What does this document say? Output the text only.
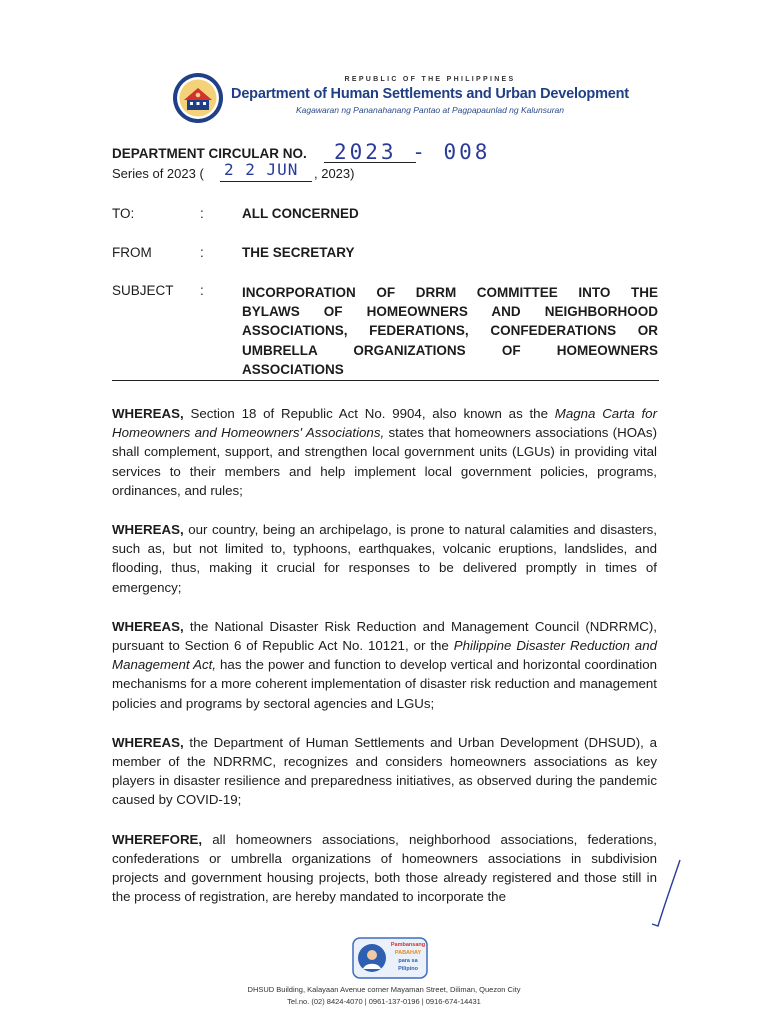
REPUBLIC OF THE PHILIPPINES
Department of Human Settlements and Urban Development
Kagawaran ng Pananahanang Pantao at Pagpapaunlad ng Kalunsuran
DEPARTMENT CIRCULAR NO. 2023 - 008
Series of 2023 ( 2 2 JUN , 2023)
TO:	:	ALL CONCERNED
FROM	:	THE SECRETARY
SUBJECT :	INCORPORATION OF DRRM COMMITTEE INTO THE
BYLAWS OF HOMEOWNERS AND NEIGHBORHOOD
ASSOCIATIONS, FEDERATIONS, CONFEDERATIONS OR
UMBRELLA ORGANIZATIONS OF HOMEOWNERS
ASSOCIATIONS

WHEREAS, Section 18 of Republic Act No. 9904, also known as the Magna Carta for Homeowners and Homeowners' Associations, states that homeowners associations (HOAs) shall complement, support, and strengthen local government units (LGUs) in providing vital services to their members and help implement local government policies, programs, ordinances, and rules;

WHEREAS, our country, being an archipelago, is prone to natural calamities and disasters, such as, but not limited to, typhoons, earthquakes, volcanic eruptions, landslides, and flooding, thus, making it crucial for responses to be delivered promptly in times of emergency;

WHEREAS, the National Disaster Risk Reduction and Management Council (NDRRMC), pursuant to Section 6 of Republic Act No. 10121, or the Philippine Disaster Reduction and Management Act, has the power and function to develop vertical and horizontal coordination mechanisms for a more coherent implementation of disaster risk reduction and management policies and programs by sectoral agencies and LGUs;

WHEREAS, the Department of Human Settlements and Urban Development (DHSUD), a member of the NDRRMC, recognizes and considers homeowners associations as key players in disaster resilience and preparedness initiatives, as observed during the pandemic caused by COVID-19;

WHEREFORE, all homeowners associations, neighborhood associations, federations, confederations or umbrella organizations of homeowners associations in subdivision projects and government housing projects, both those already registered and those still in the process of registration, are hereby mandated to incorporate the

Pambansang
PABAHAY
para sa
Pilipino
DHSUD Building, Kalayaan Avenue corner Mayaman Street, Diliman, Quezon City
Tel.no. (02) 8424-4070 | 0961-137-0196 | 0916-674-14431
